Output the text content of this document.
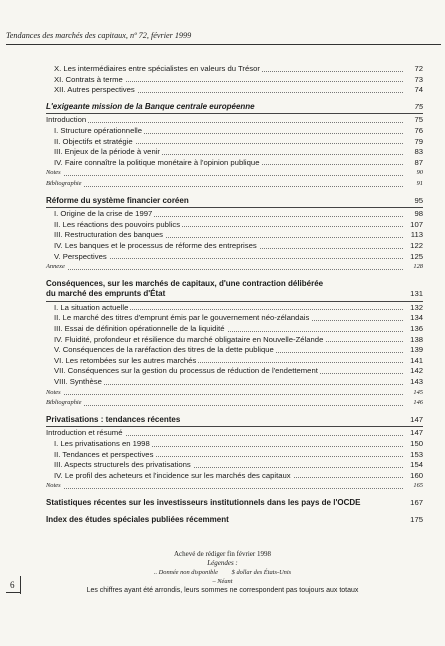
Tendances des marchés des capitaux, nº 72, février 1999
X. Les intermédiaires entre spécialistes en valeurs du Trésor	72
XI. Contrats à terme	73
XII. Autres perspectives	74
L'exigeante mission de la Banque centrale européenne	75
Introduction	75
I. Structure opérationnelle	76
II. Objectifs et stratégie	79
III. Enjeux de la période à venir	83
IV. Faire connaître la politique monétaire à l'opinion publique	87
Notes	90
Bibliographie	91
Réforme du système financier coréen	95
I. Origine de la crise de 1997	98
II. Les réactions des pouvoirs publics	107
III. Restructuration des banques	113
IV. Les banques et le processus de réforme des entreprises	122
V. Perspectives	125
Annexe	128
Conséquences, sur les marchés de capitaux, d'une contraction délibérée
du marché des emprunts d'État	131
I. La situation actuelle	132
II. Le marché des titres d'emprunt émis par le gouvernement néo-zélandais	134
III. Essai de définition opérationnelle de la liquidité	136
IV. Fluidité, profondeur et résilience du marché obligataire en Nouvelle-Zélande	138
V. Conséquences de la raréfaction des titres de la dette publique	139
VI. Les retombées sur les autres marchés	141
VII. Conséquences sur la gestion du processus de réduction de l'endettement	142
VIII. Synthèse	143
Notes	145
Bibliographie	146
Privatisations : tendances récentes	147
Introduction et résumé	147
I. Les privatisations en 1998	150
II. Tendances et perspectives	153
III. Aspects structurels des privatisations	154
IV. Le profil des acheteurs et l'incidence sur les marchés des capitaux	160
Notes	165
Statistiques récentes sur les investisseurs institutionnels dans les pays de l'OCDE	167
Index des études spéciales publiées récemment	175
Achevé de rédiger fin février 1998
Légendes :
.. Donnée non disponible $ dollar des États-Unis
– Néant
Les chiffres ayant été arrondis, leurs sommes ne correspondent pas toujours aux totaux
6
